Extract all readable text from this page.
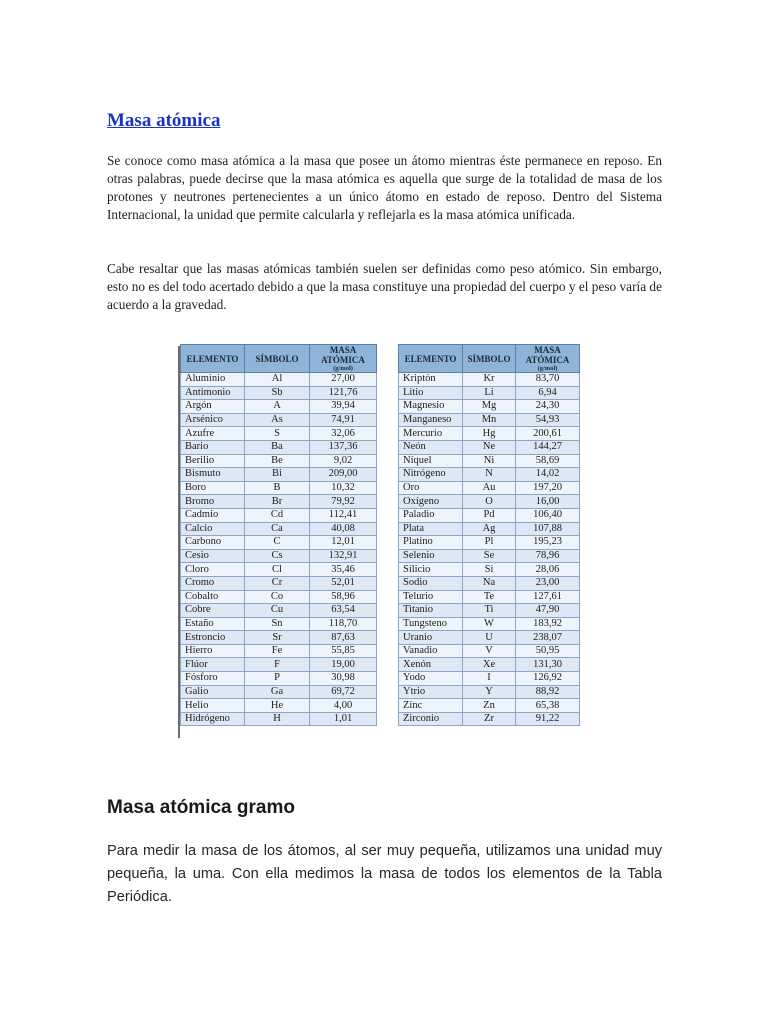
Masa atómica

Se conoce como masa atómica a la masa que posee un átomo mientras éste permanece en reposo. En otras palabras, puede decirse que la masa atómica es aquella que surge de la totalidad de masa de los protones y neutrones pertenecientes a un único átomo en estado de reposo. Dentro del Sistema Internacional, la unidad que permite calcularla y reflejarla es la masa atómica unificada.

Cabe resaltar que las masas atómicas también suelen ser definidas como peso atómico. Sin embargo, esto no es del todo acertado debido a que la masa constituye una propiedad del cuerpo y el peso varía de acuerdo a la gravedad.

ELEMENTO	SÍMBOLO	MASA ATÓMICA
(g/mol)

Aluminio	Al	27,00
Antimonio	Sb	121,76
Argón	A	39,94
Arsénico	As	74,91
Azufre	S	32,06
Bario	Ba	137,36
Berilio	Be	9,02
Bismuto	Bi	209,00
Boro	B	10,32
Bromo	Br	79,92
Cadmio	Cd	112,41
Calcio	Ca	40,08
Carbono	C	12,01
Cesio	Cs	132,91
Cloro	Cl	35,46
Cromo	Cr	52,01
Cobalto	Co	58,96
Cobre	Cu	63,54
Estaño	Sn	118,70
Estroncio	Sr	87,63
Hierro	Fe	55,85
Flúor	F	19,00
Fósforo	P	30,98
Galio	Ga	69,72
Helio	He	4,00
Hidrógeno	H	1,01
ELEMENTO	SÍMBOLO	MASA ATÓMICA
(g/mol)

Kriptón	Kr	83,70
Litio	Li	6,94
Magnesio	Mg	24,30
Manganeso	Mn	54,93
Mercurio	Hg	200,61
Neón	Ne	144,27
Níquel	Ni	58,69
Nitrógeno	N	14,02
Oro	Au	197,20
Oxígeno	O	16,00
Paladio	Pd	106,40
Plata	Ag	107,88
Platino	Pl	195,23
Selenio	Se	78,96
Silicio	Si	28,06
Sodio	Na	23,00
Telurio	Te	127,61
Titanio	Ti	47,90
Tungsteno	W	183,92
Uranio	U	238,07
Vanadio	V	50,95
Xenón	Xe	131,30
Yodo	I	126,92
Ytrio	Y	88,92
Zinc	Zn	65,38
Zirconio	Zr	91,22
Masa atómica gramo

Para medir la masa de los átomos, al ser muy pequeña, utilizamos una unidad muy pequeña, la uma. Con ella medimos la masa de todos los elementos de la Tabla Periódica.
